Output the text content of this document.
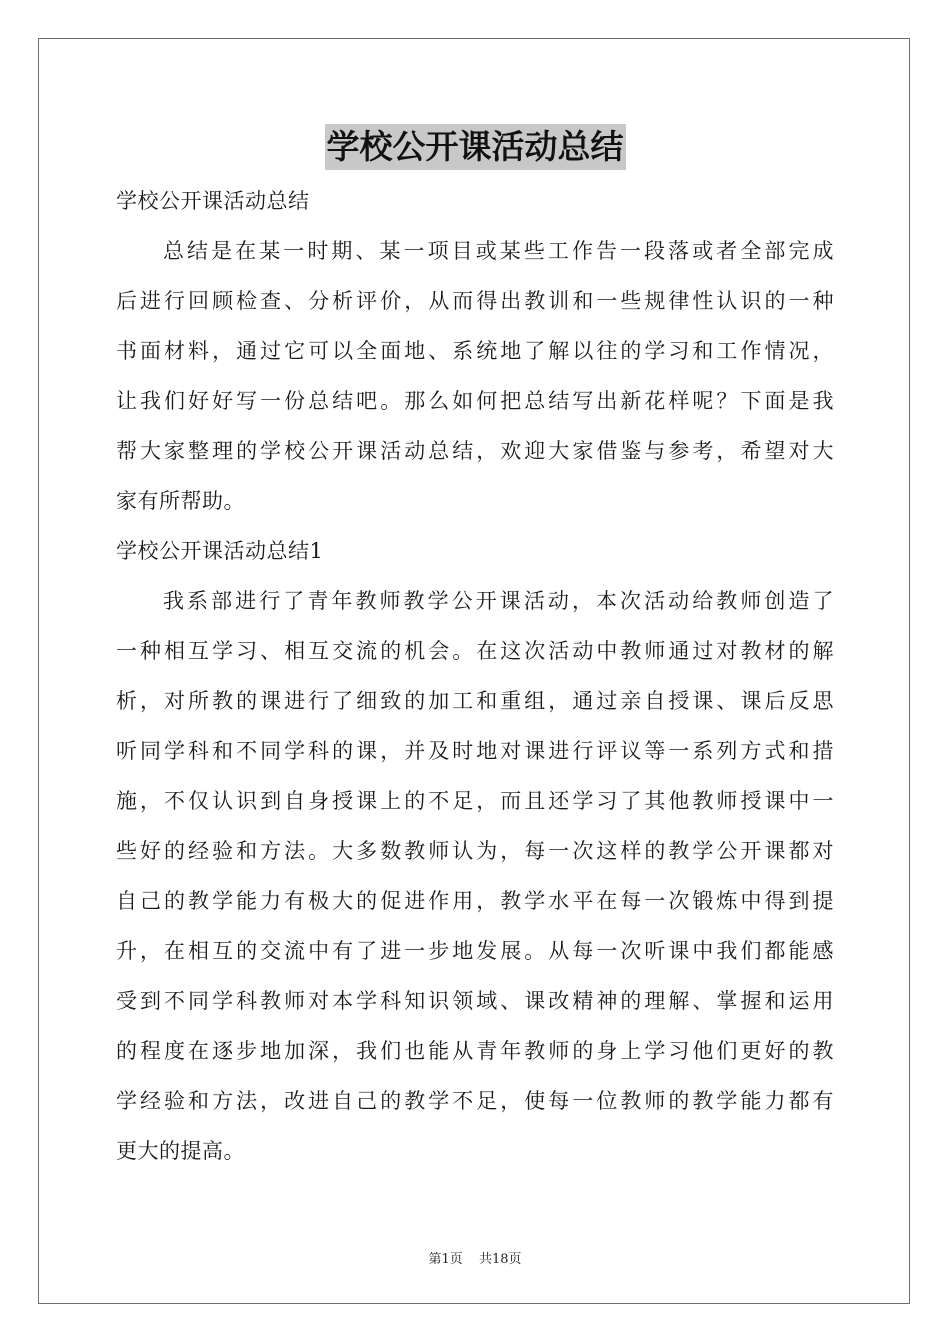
学校公开课活动总结
学校公开课活动总结
总结是在某一时期、某一项目或某些工作告一段落或者全部完成
后进行回顾检查、分析评价，从而得出教训和一些规律性认识的一种
书面材料，通过它可以全面地、系统地了解以往的学习和工作情况，
让我们好好写一份总结吧。那么如何把总结写出新花样呢？下面是我
帮大家整理的学校公开课活动总结，欢迎大家借鉴与参考，希望对大
家有所帮助。
学校公开课活动总结1
我系部进行了青年教师教学公开课活动，本次活动给教师创造了
一种相互学习、相互交流的机会。在这次活动中教师通过对教材的解
析，对所教的课进行了细致的加工和重组，通过亲自授课、课后反思
听同学科和不同学科的课，并及时地对课进行评议等一系列方式和措
施，不仅认识到自身授课上的不足，而且还学习了其他教师授课中一
些好的经验和方法。大多数教师认为，每一次这样的教学公开课都对
自己的教学能力有极大的促进作用，教学水平在每一次锻炼中得到提
升，在相互的交流中有了进一步地发展。从每一次听课中我们都能感
受到不同学科教师对本学科知识领域、课改精神的理解、掌握和运用
的程度在逐步地加深，我们也能从青年教师的身上学习他们更好的教
学经验和方法，改进自己的教学不足，使每一位教师的教学能力都有
更大的提高。
第1页 共18页
